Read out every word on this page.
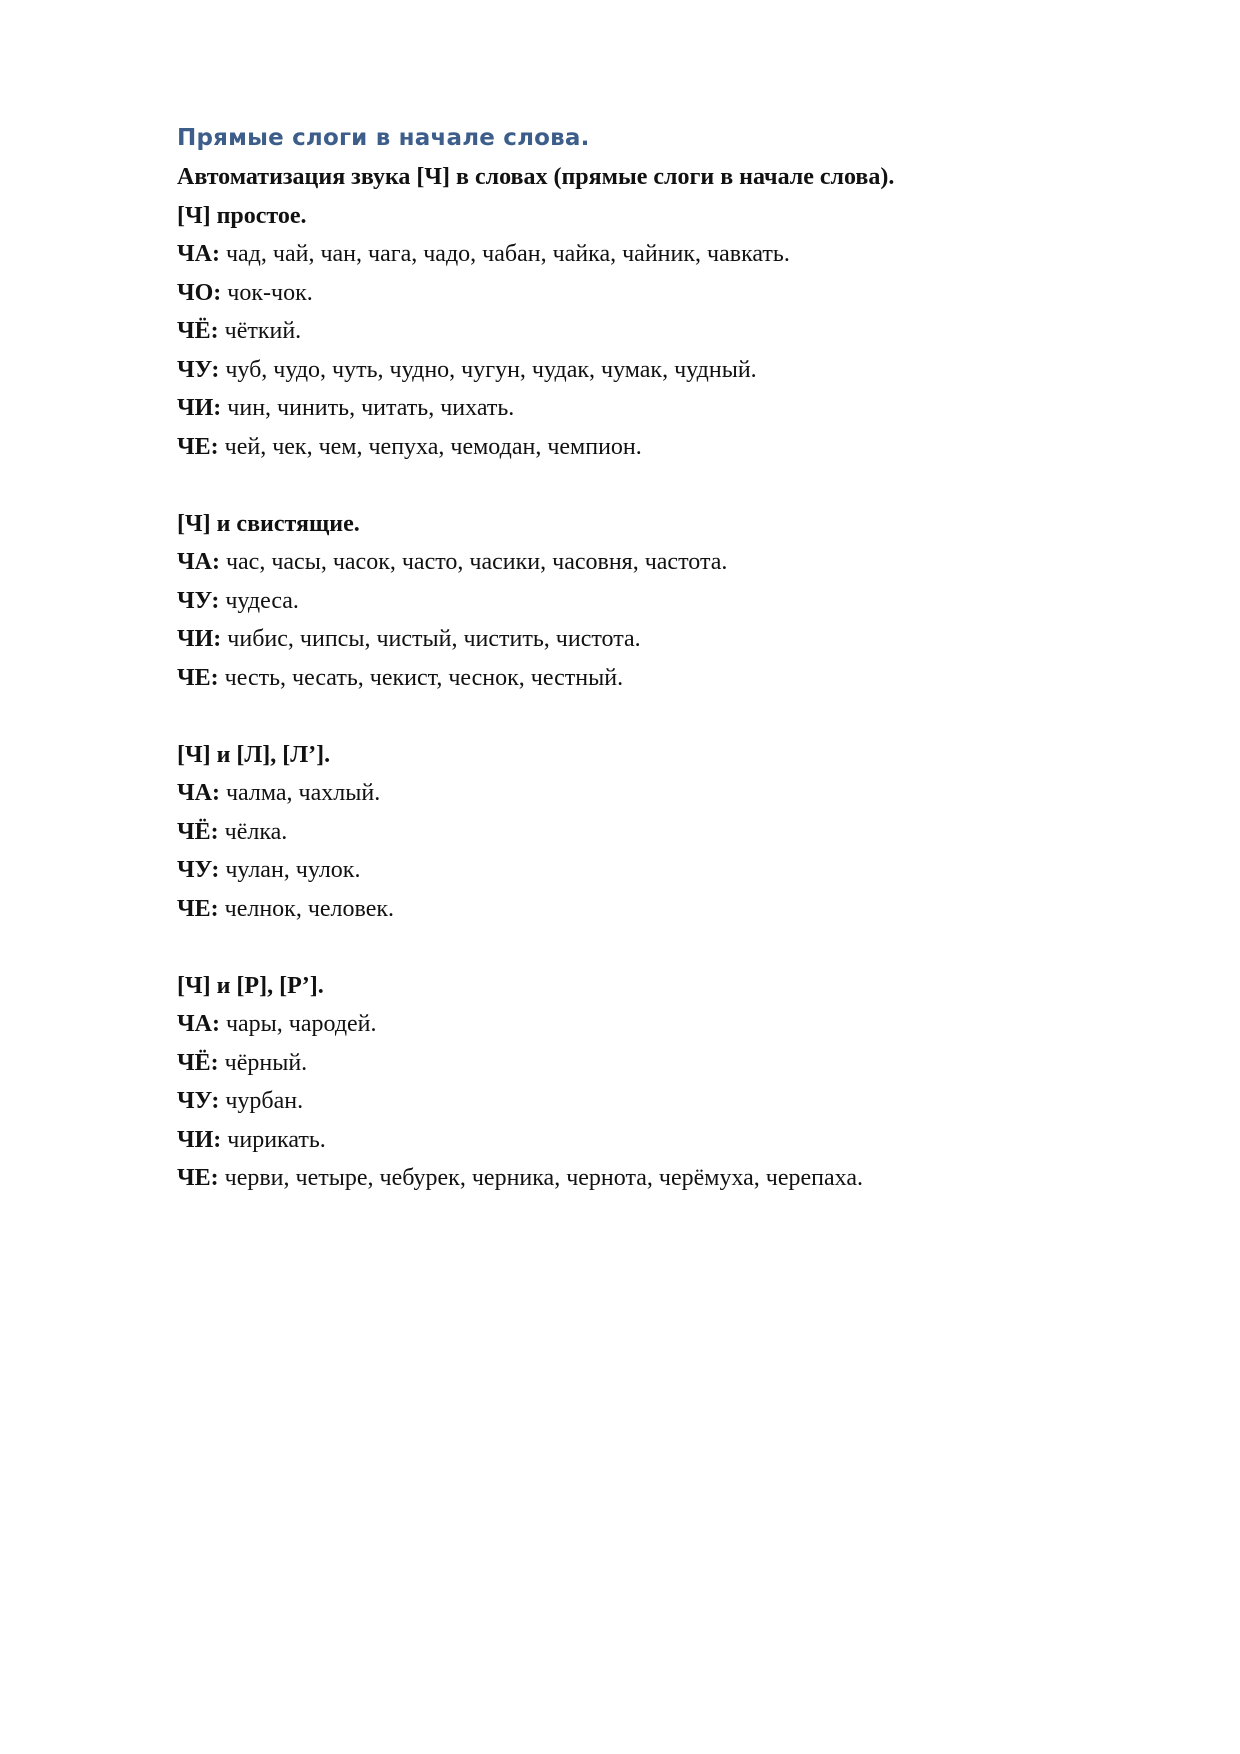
Прямые слоги в начале слова.
Автоматизация звука [Ч] в словах (прямые слоги в начале слова).
[Ч] простое.
ЧА: чад, чай, чан, чага, чадо, чабан, чайка, чайник, чавкать.
ЧО: чок-чок.
ЧЁ: чёткий.
ЧУ: чуб, чудо, чуть, чудно, чугун, чудак, чумак, чудный.
ЧИ: чин, чинить, читать, чихать.
ЧЕ: чей, чек, чем, чепуха, чемодан, чемпион.
[Ч] и свистящие.
ЧА: час, часы, часок, часто, часики, часовня, частота.
ЧУ: чудеса.
ЧИ: чибис, чипсы, чистый, чистить, чистота.
ЧЕ: честь, чесать, чекист, чеснок, честный.
[Ч] и [Л], [Л’].
ЧА: чалма, чахлый.
ЧЁ: чёлка.
ЧУ: чулан, чулок.
ЧЕ: челнок, человек.
[Ч] и [Р], [Р’].
ЧА: чары, чародей.
ЧЁ: чёрный.
ЧУ: чурбан.
ЧИ: чирикать.
ЧЕ: черви, четыре, чебурек, черника, чернота, черёмуха, черепаха.
